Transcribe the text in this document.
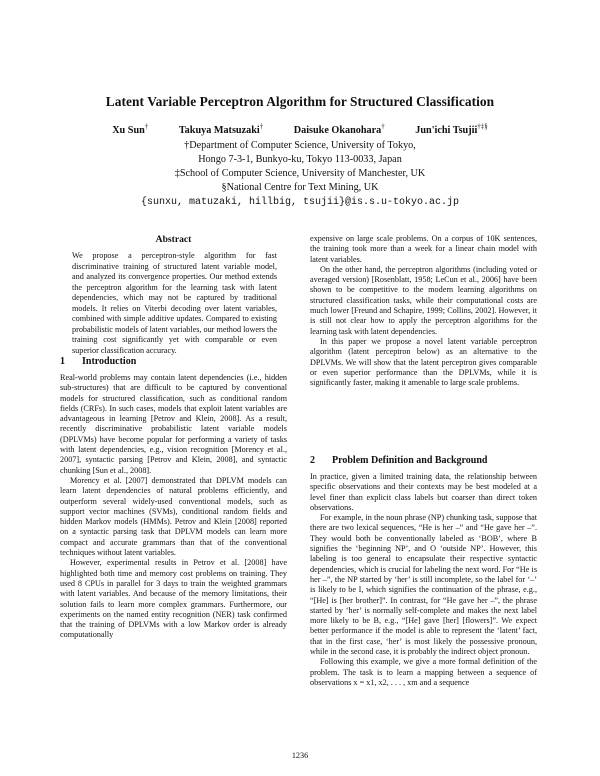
Latent Variable Perceptron Algorithm for Structured Classification
Xu Sun†	Takuya Matsuzaki†	Daisuke Okanohara†	Jun'ichi Tsujii†‡§
†Department of Computer Science, University of Tokyo,
Hongo 7-3-1, Bunkyo-ku, Tokyo 113-0033, Japan
‡School of Computer Science, University of Manchester, UK
§National Centre for Text Mining, UK
{sunxu, matuzaki, hillbig, tsujii}@is.s.u-tokyo.ac.jp
Abstract

We propose a perceptron-style algorithm for fast discriminative training of structured latent variable model, and analyzed its convergence properties. Our method extends the perceptron algorithm for the learning task with latent dependencies, which may not be captured by traditional models. It relies on Viterbi decoding over latent variables, combined with simple additive updates. Compared to existing probabilistic models of latent variables, our method lowers the training cost significantly yet with comparable or even superior classification accuracy.

1 Introduction

Real-world problems may contain latent dependencies (i.e., hidden sub-structures) that are difficult to be captured by conventional models for structured classification, such as conditional random fields (CRFs). In such cases, models that exploit latent variables are advantageous in learning [Petrov and Klein, 2008]. As a result, recently discriminative probabilistic latent variable models (DPLVMs) have become popular for performing a variety of tasks with latent dependencies, e.g., vision recognition [Morency et al., 2007], syntactic parsing [Petrov and Klein, 2008], and syntactic chunking [Sun et al., 2008].

Morency et al. [2007] demonstrated that DPLVM models can learn latent dependencies of natural problems efficiently, and outperform several widely-used conventional models, such as support vector machines (SVMs), conditional random fields and hidden Markov models (HMMs). Petrov and Klein [2008] reported on a syntactic parsing task that DPLVM models can learn more compact and accurate grammars than that of the conventional techniques without latent variables.

However, experimental results in Petrov et al. [2008] have highlighted both time and memory cost problems on training. They used 8 CPUs in parallel for 3 days to train the weighted grammars with latent variables. And because of the memory limitations, their solution fails to learn more complex grammars. Furthermore, our experiments on the named entity recognition (NER) task confirmed that the training of DPLVMs with a low Markov order is already computationally

expensive on large scale problems. On a corpus of 10K sentences, the training took more than a week for a linear chain model with latent variables.

On the other hand, the perceptron algorithms (including voted or averaged version) [Rosenblatt, 1958; LeCun et al., 2006] have been shown to be competitive to the modern learning algorithms on structured classification tasks, while their computational costs are much lower [Freund and Schapire, 1999; Collins, 2002]. However, it is still not clear how to apply the perceptron algorithms for the learning task with latent dependencies.

In this paper we propose a novel latent variable perceptron algorithm (latent perceptron below) as an alternative to the DPLVMs. We will show that the latent perceptron gives comparable or even superior performance than the DPLVMs, while it is significantly faster, making it amenable to large scale problems.

2 Problem Definition and Background

In practice, given a limited training data, the relationship between specific observations and their contexts may be best modeled at a level finer than explicit class labels but coarser than direct token observations.

For example, in the noun phrase (NP) chunking task, suppose that there are two lexical sequences, “He is her –” and “He gave her –”. They would both be conventionally labeled as ‘BOB’, where B signifies the ‘beginning NP’, and O ‘outside NP’. However, this labeling is too general to encapsulate their respective syntactic dependencies, which is crucial for labeling the next word. For “He is her –”, the NP started by ‘her’ is still incomplete, so the label for ‘–’ is likely to be I, which signifies the continuation of the phrase, e.g., “[He] is [her brother]”. In contrast, for “He gave her –”, the phrase started by ‘her’ is normally self-complete and makes the next label more likely to be B, e.g., “[He] gave [her] [flowers]”. We expect better performance if the model is able to represent the ‘latent’ fact, that in the first case, ‘her’ is most likely the possessive pronoun, while in the second case, it is probably the indirect object pronoun.

Following this example, we give a more formal definition of the problem. The task is to learn a mapping between a sequence of observations x = x1, x2, . . . , xm and a sequence

1236
